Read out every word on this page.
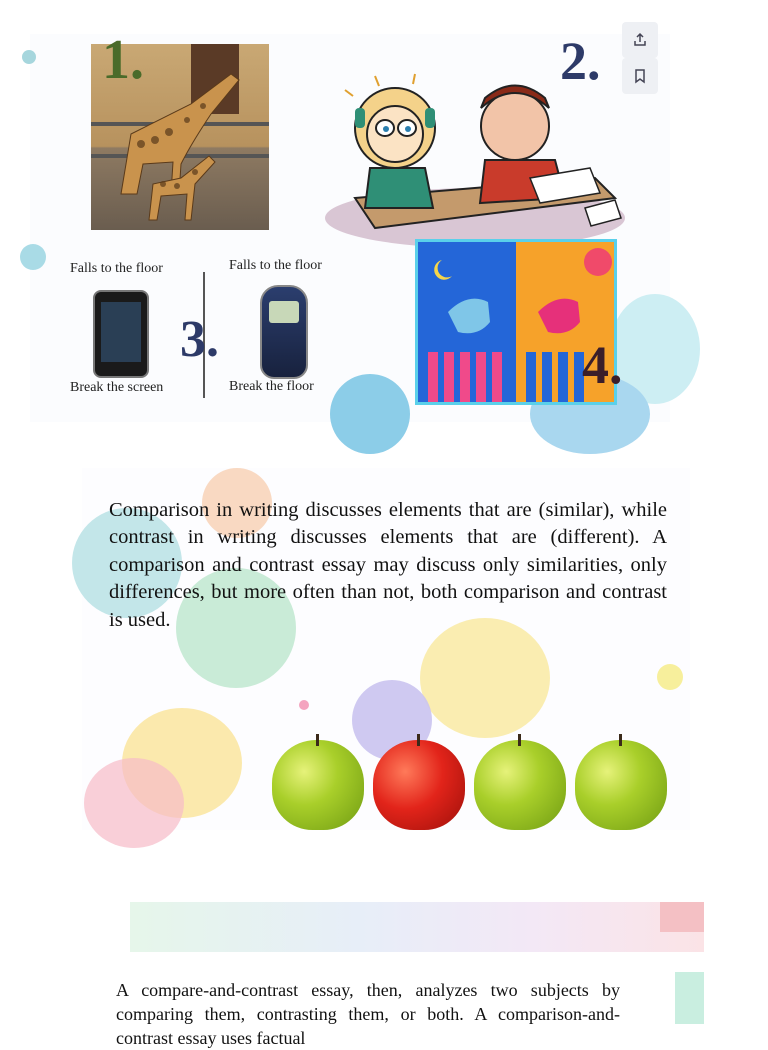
1.	2.
Falls to the floor	Falls to the floor
3.
Break the screen	Break the floor	4.

Comparison in writing discusses elements that are (similar), while contrast in writing discusses elements that are (different). A comparison and contrast essay may discuss only similarities, only differences, but more often than not, both comparison and contrast is used.

A compare-and-contrast essay, then, analyzes two subjects by comparing them, contrasting them, or both. A comparison-and-contrast essay uses factual
